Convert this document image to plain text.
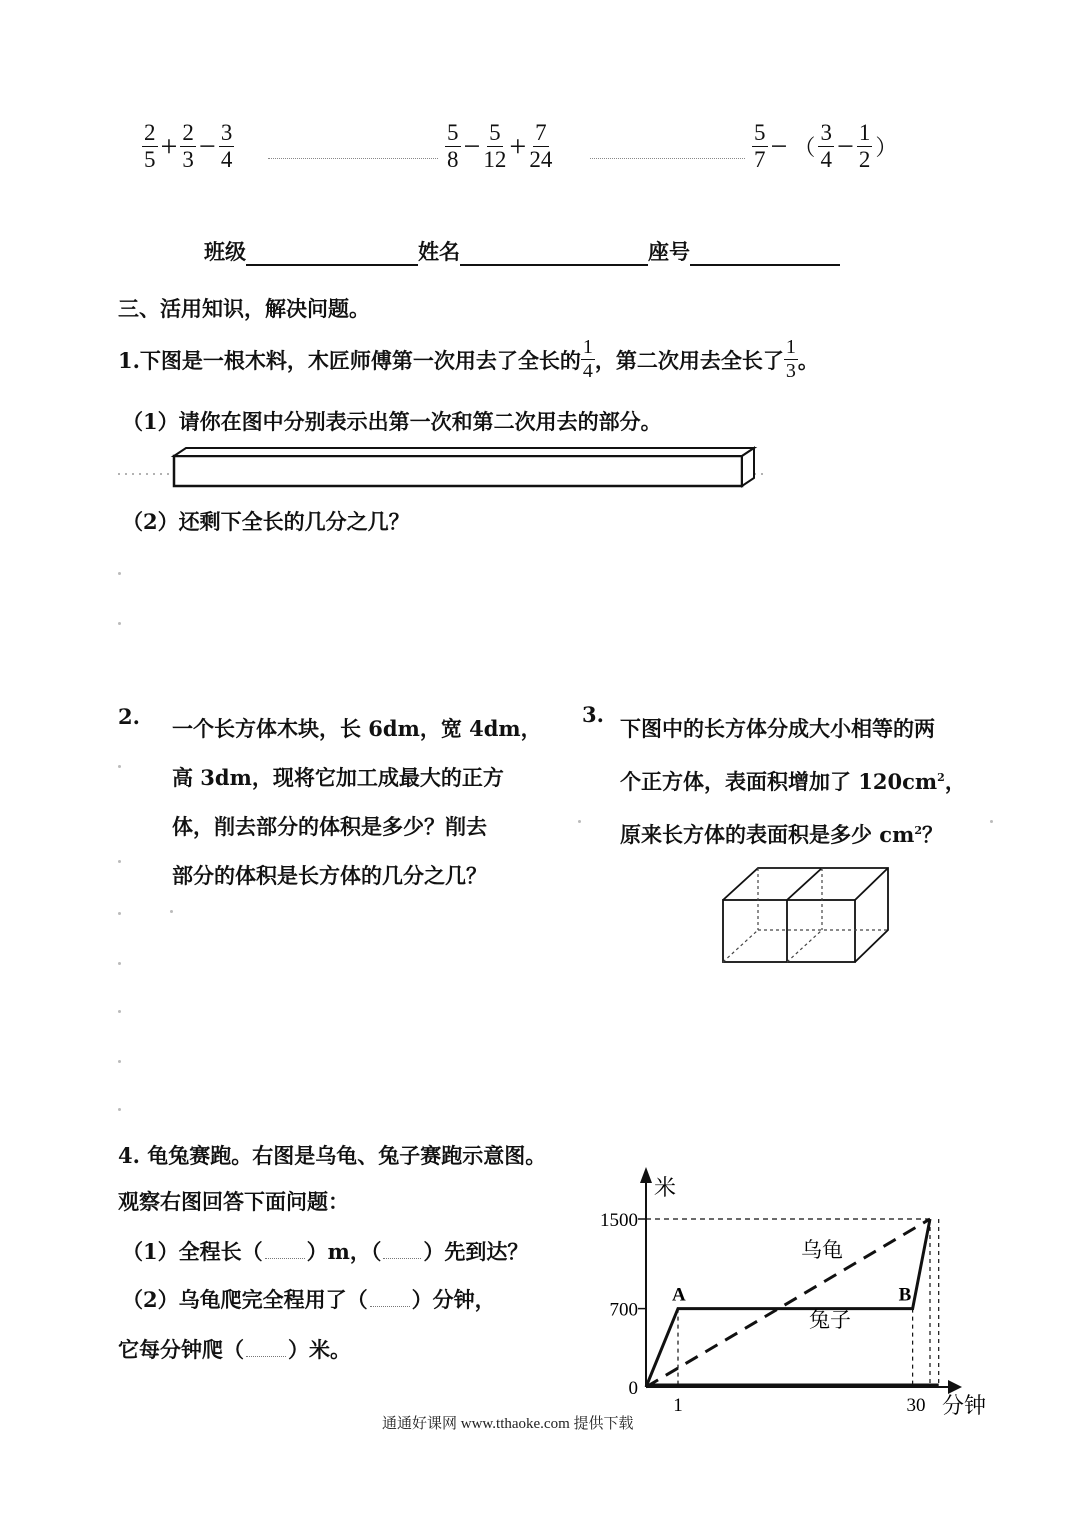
$\frac{2}{5} + \frac{2}{3} - \frac{3}{4}$	$\frac{5}{8} - \frac{5}{12} + \frac{7}{24}$	$\frac{5}{7}$ − （ $\frac{3}{4} - \frac{1}{2}$ ）
班级	姓名	座号
三、活用知识，解决问题。
1.下图是一根木料，木匠师傅第一次用去了全长的 $\frac{1}{4}$ ，第二次用去全长了 $\frac{1}{3}$ 。
（1）请你在图中分别表示出第一次和第二次用去的部分。
（2）还剩下全长的几分之几？
2. 一个长方体木块，长 6dm，宽 4dm，
高 3dm，现将它加工成最大的正方
体，削去部分的体积是多少？削去
部分的体积是长方体的几分之几？
3.
下图中的长方体分成大小相等的两
个正方体，表面积增加了 $120cm^2$，
原来长方体的表面积是多少 $cm^2$？
4. 龟兔赛跑。右图是乌龟、兔子赛跑示意图。
观察右图回答下面问题：
（1）全程长（ ）m，（ ）先到达？
（2）乌龟爬完全程用了（ ）分钟，
它每分钟爬（ ）米。
米
分钟
1500
700
0
1	30
乌龟
兔子
A	B
通通好课网 www.tthaoke.com 提供下载
